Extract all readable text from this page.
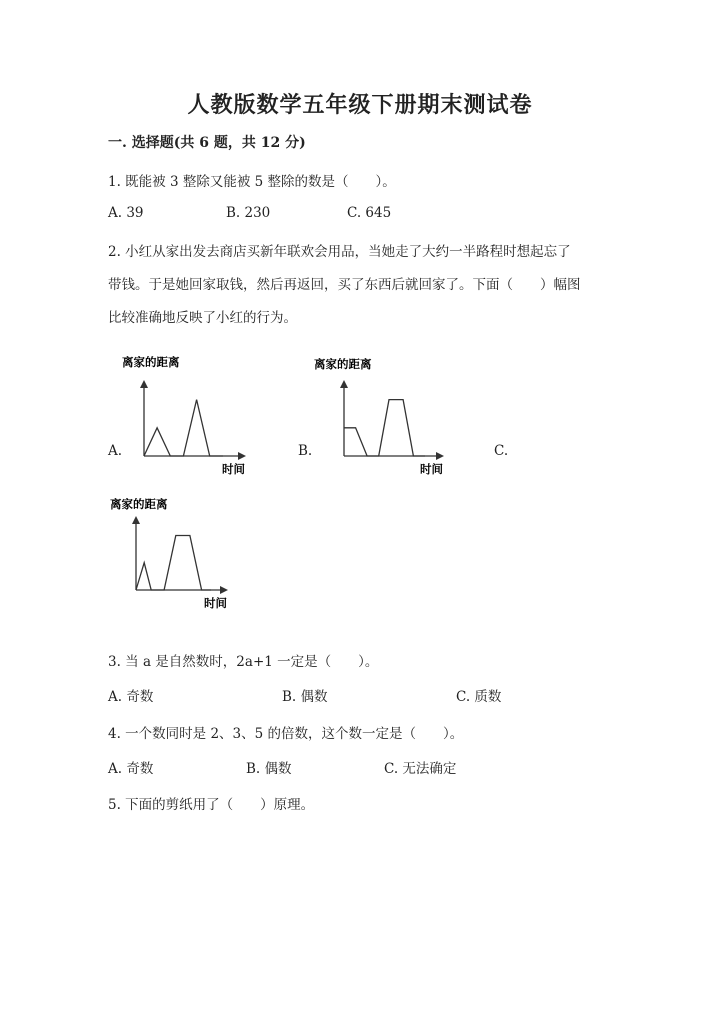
人教版数学五年级下册期末测试卷
一. 选择题(共 6 题，共 12 分)
1. 既能被 3 整除又能被 5 整除的数是（　　）。
A. 39	B. 230	C. 645
2. 小红从家出发去商店买新年联欢会用品，当她走了大约一半路程时想起忘了
带钱。于是她回家取钱，然后再返回，买了东西后就回家了。下面（　　）幅图
比较准确地反映了小红的行为。
A.	B.	C.
离家的距离
时间
离家的距离
时间
离家的距离
时间
3. 当 a 是自然数时，2a+1 一定是（　　）。
A. 奇数	B. 偶数	C. 质数
4. 一个数同时是 2、3、5 的倍数，这个数一定是（　　）。
A. 奇数	B. 偶数	C. 无法确定
5. 下面的剪纸用了（　　）原理。
